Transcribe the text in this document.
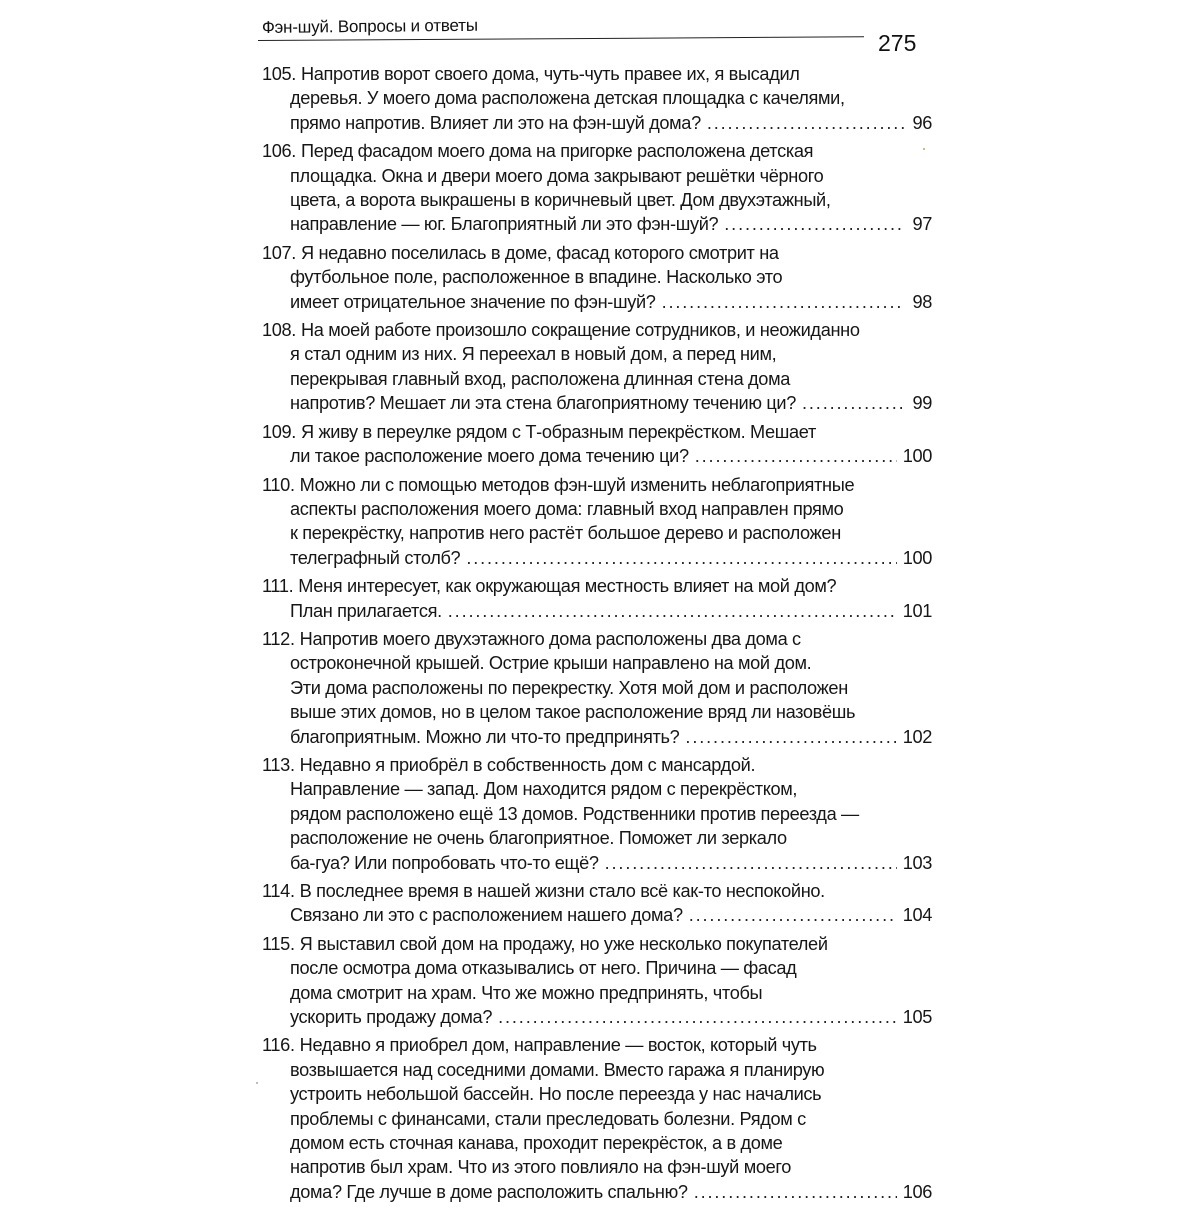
Фэн-шуй. Вопросы и ответы
275
105. Напротив ворот своего дома, чуть-чуть правее их, я высадил
деревья. У моего дома расположена детская площадка с качелями,
прямо напротив. Влияет ли это на фэн-шуй дома? . . .	96
106. Перед фасадом моего дома на пригорке расположена детская
площадка. Окна и двери моего дома закрывают решётки чёрного
цвета, а ворота выкрашены в коричневый цвет. Дом двухэтажный,
направление — юг. Благоприятный ли это фэн-шуй? . . .	97
107. Я недавно поселилась в доме, фасад которого смотрит на
футбольное поле, расположенное в впадине. Насколько это
имеет отрицательное значение по фэн-шуй? . . .	98
108. На моей работе произошло сокращение сотрудников, и неожиданно
я стал одним из них. Я переехал в новый дом, а перед ним,
перекрывая главный вход, расположена длинная стена дома
напротив? Мешает ли эта стена благоприятному течению ци? . . .	99
109. Я живу в переулке рядом с Т-образным перекрёстком. Мешает
ли такое расположение моего дома течению ци? . . .	100
110. Можно ли с помощью методов фэн-шуй изменить неблагоприятные
аспекты расположения моего дома: главный вход направлен прямо
к перекрёстку, напротив него растёт большое дерево и расположен
телеграфный столб? . . .	100
111. Меня интересует, как окружающая местность влияет на мой дом?
План прилагается. . . .	101
112. Напротив моего двухэтажного дома расположены два дома с
остроконечной крышей. Острие крыши направлено на мой дом.
Эти дома расположены по перекрестку. Хотя мой дом и расположен
выше этих домов, но в целом такое расположение вряд ли назовёшь
благоприятным. Можно ли что-то предпринять? . . .	102
113. Недавно я приобрёл в собственность дом с мансардой.
Направление — запад. Дом находится рядом с перекрёстком,
рядом расположено ещё 13 домов. Родственники против переезда —
расположение не очень благоприятное. Поможет ли зеркало
ба-гуа? Или попробовать что-то ещё? . . .	103
114. В последнее время в нашей жизни стало всё как-то неспокойно.
Связано ли это с расположением нашего дома? . . .	104
115. Я выставил свой дом на продажу, но уже несколько покупателей
после осмотра дома отказывались от него. Причина — фасад
дома смотрит на храм. Что же можно предпринять, чтобы
ускорить продажу дома? . . .	105
116. Недавно я приобрел дом, направление — восток, который чуть
возвышается над соседними домами. Вместо гаража я планирую
устроить небольшой бассейн. Но после переезда у нас начались
проблемы с финансами, стали преследовать болезни. Рядом с
домом есть сточная канава, проходит перекрёсток, а в доме
напротив был храм. Что из этого повлияло на фэн-шуй моего
дома? Где лучше в доме расположить спальню? . . .	106
